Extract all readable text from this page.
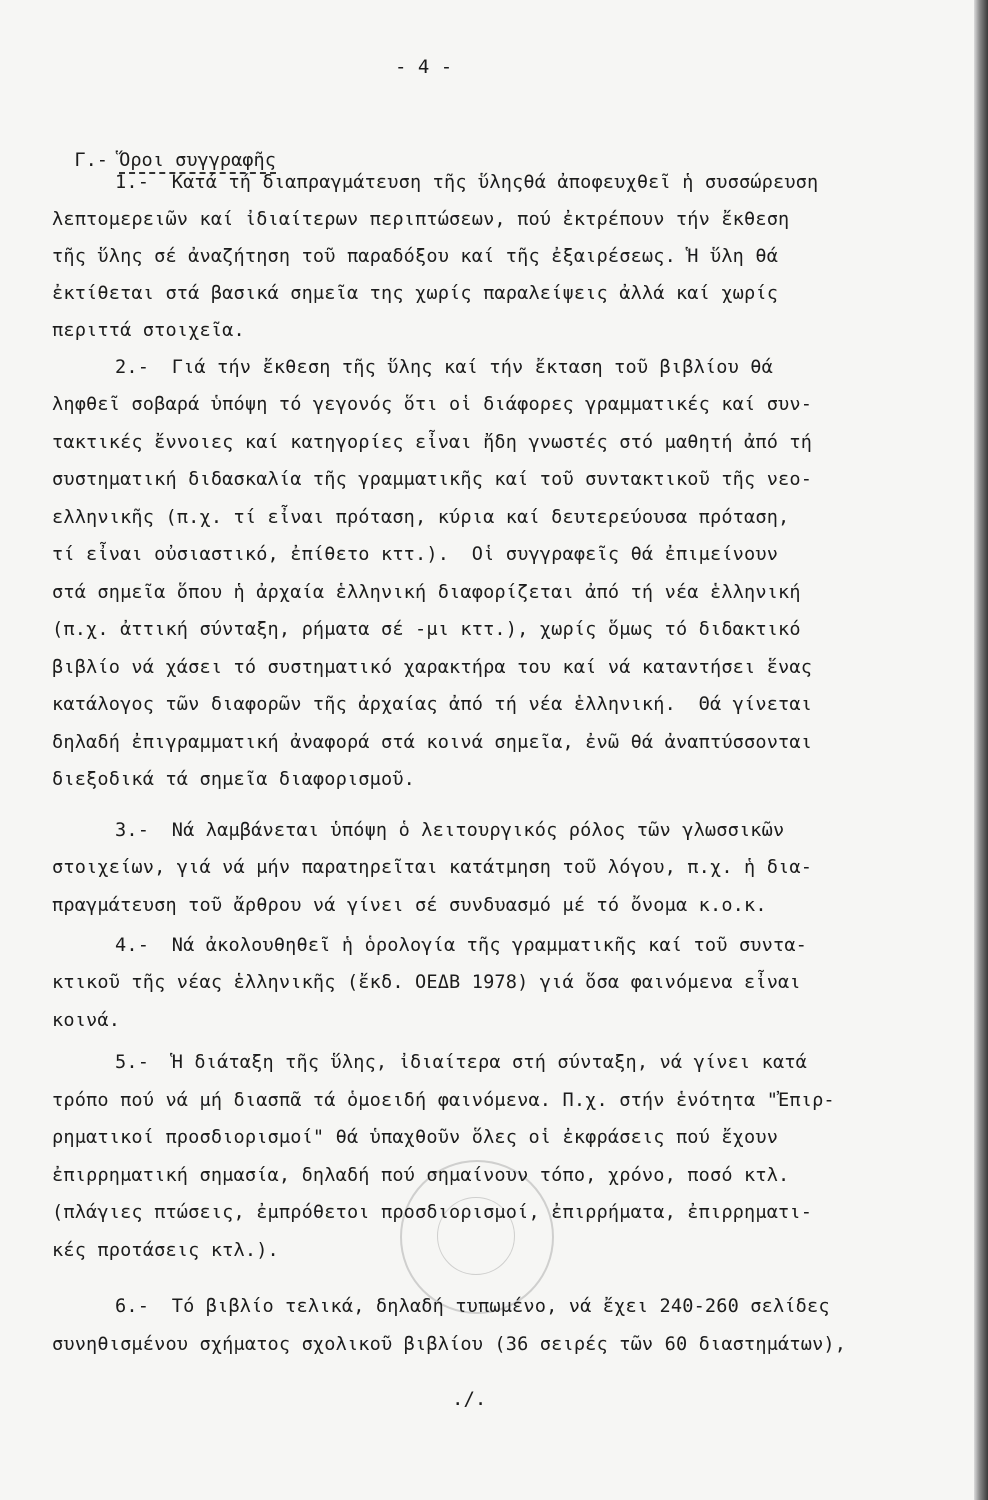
- 4 -

Γ.- Ὅροι συγγραφῆς

1.-  Κατά τή διαπραγμάτευση τῆς ὕληςθά ἀποφευχθεῖ ἡ συσσώρευση
λεπτομερειῶν καί ἰδιαίτερων περιπτώσεων, πού ἐκτρέπουν τήν ἔκθεση
τῆς ὕλης σέ ἀναζήτηση τοῦ παραδόξου καί τῆς ἐξαιρέσεως. Ἡ ὕλη θά
ἐκτίθεται στά βασικά σημεῖα της χωρίς παραλείψεις ἀλλά καί χωρίς
περιττά στοιχεῖα.
2.-  Γιά τήν ἔκθεση τῆς ὕλης καί τήν ἔκταση τοῦ βιβλίου θά
ληφθεῖ σοβαρά ὑπόψη τό γεγονός ὅτι οἱ διάφορες γραμματικές καί συν-
τακτικές ἔννοιες καί κατηγορίες εἶναι ἤδη γνωστές στό μαθητή ἀπό τή
συστηματική διδασκαλία τῆς γραμματικῆς καί τοῦ συντακτικοῦ τῆς νεο-
ελληνικῆς (π.χ. τί εἶναι πρόταση, κύρια καί δευτερεύουσα πρόταση,
τί εἶναι οὐσιαστικό, ἐπίθετο κττ.).  Οἱ συγγραφεῖς θά ἐπιμείνουν
στά σημεῖα ὅπου ἡ ἀρχαία ἑλληνική διαφορίζεται ἀπό τή νέα ἑλληνική
(π.χ. ἀττική σύνταξη, ρήματα σέ -μι κττ.), χωρίς ὅμως τό διδακτικό
βιβλίο νά χάσει τό συστηματικό χαρακτήρα του καί νά καταντήσει ἕνας
κατάλογος τῶν διαφορῶν τῆς ἀρχαίας ἀπό τή νέα ἑλληνική.  Θά γίνεται
δηλαδή ἐπιγραμματική ἀναφορά στά κοινά σημεῖα, ἐνῶ θά ἀναπτύσσονται
διεξοδικά τά σημεῖα διαφορισμοῦ.
3.-  Νά λαμβάνεται ὑπόψη ὁ λειτουργικός ρόλος τῶν γλωσσικῶν
στοιχείων, γιά νά μήν παρατηρεῖται κατάτμηση τοῦ λόγου, π.χ. ἡ δια-
πραγμάτευση τοῦ ἄρθρου νά γίνει σέ συνδυασμό μέ τό ὄνομα κ.ο.κ.
4.-  Νά ἀκολουθηθεῖ ἡ ὁρολογία τῆς γραμματικῆς καί τοῦ συντα-
κτικοῦ τῆς νέας ἑλληνικῆς (ἔκδ. ΟΕΔΒ 1978) γιά ὅσα φαινόμενα εἶναι
κοινά.
5.-  Ἡ διάταξη τῆς ὕλης, ἰδιαίτερα στή σύνταξη, νά γίνει κατά
τρόπο πού νά μή διασπᾶ τά ὁμοειδή φαινόμενα. Π.χ. στήν ἑνότητα "Ἐπιρ-
ρηματικοί προσδιορισμοί" θά ὑπαχθοῦν ὅλες οἱ ἐκφράσεις πού ἔχουν
ἐπιρρηματική σημασία, δηλαδή πού σημαίνουν τόπο, χρόνο, ποσό κτλ.
(πλάγιες πτώσεις, ἐμπρόθετοι προσδιορισμοί, ἐπιρρήματα, ἐπιρρηματι-
κές προτάσεις κτλ.).
6.-  Τό βιβλίο τελικά, δηλαδή τυπωμένο, νά ἔχει 240-260 σελίδες
συνηθισμένου σχήματος σχολικοῦ βιβλίου (36 σειρές τῶν 60 διαστημάτων),
./.
